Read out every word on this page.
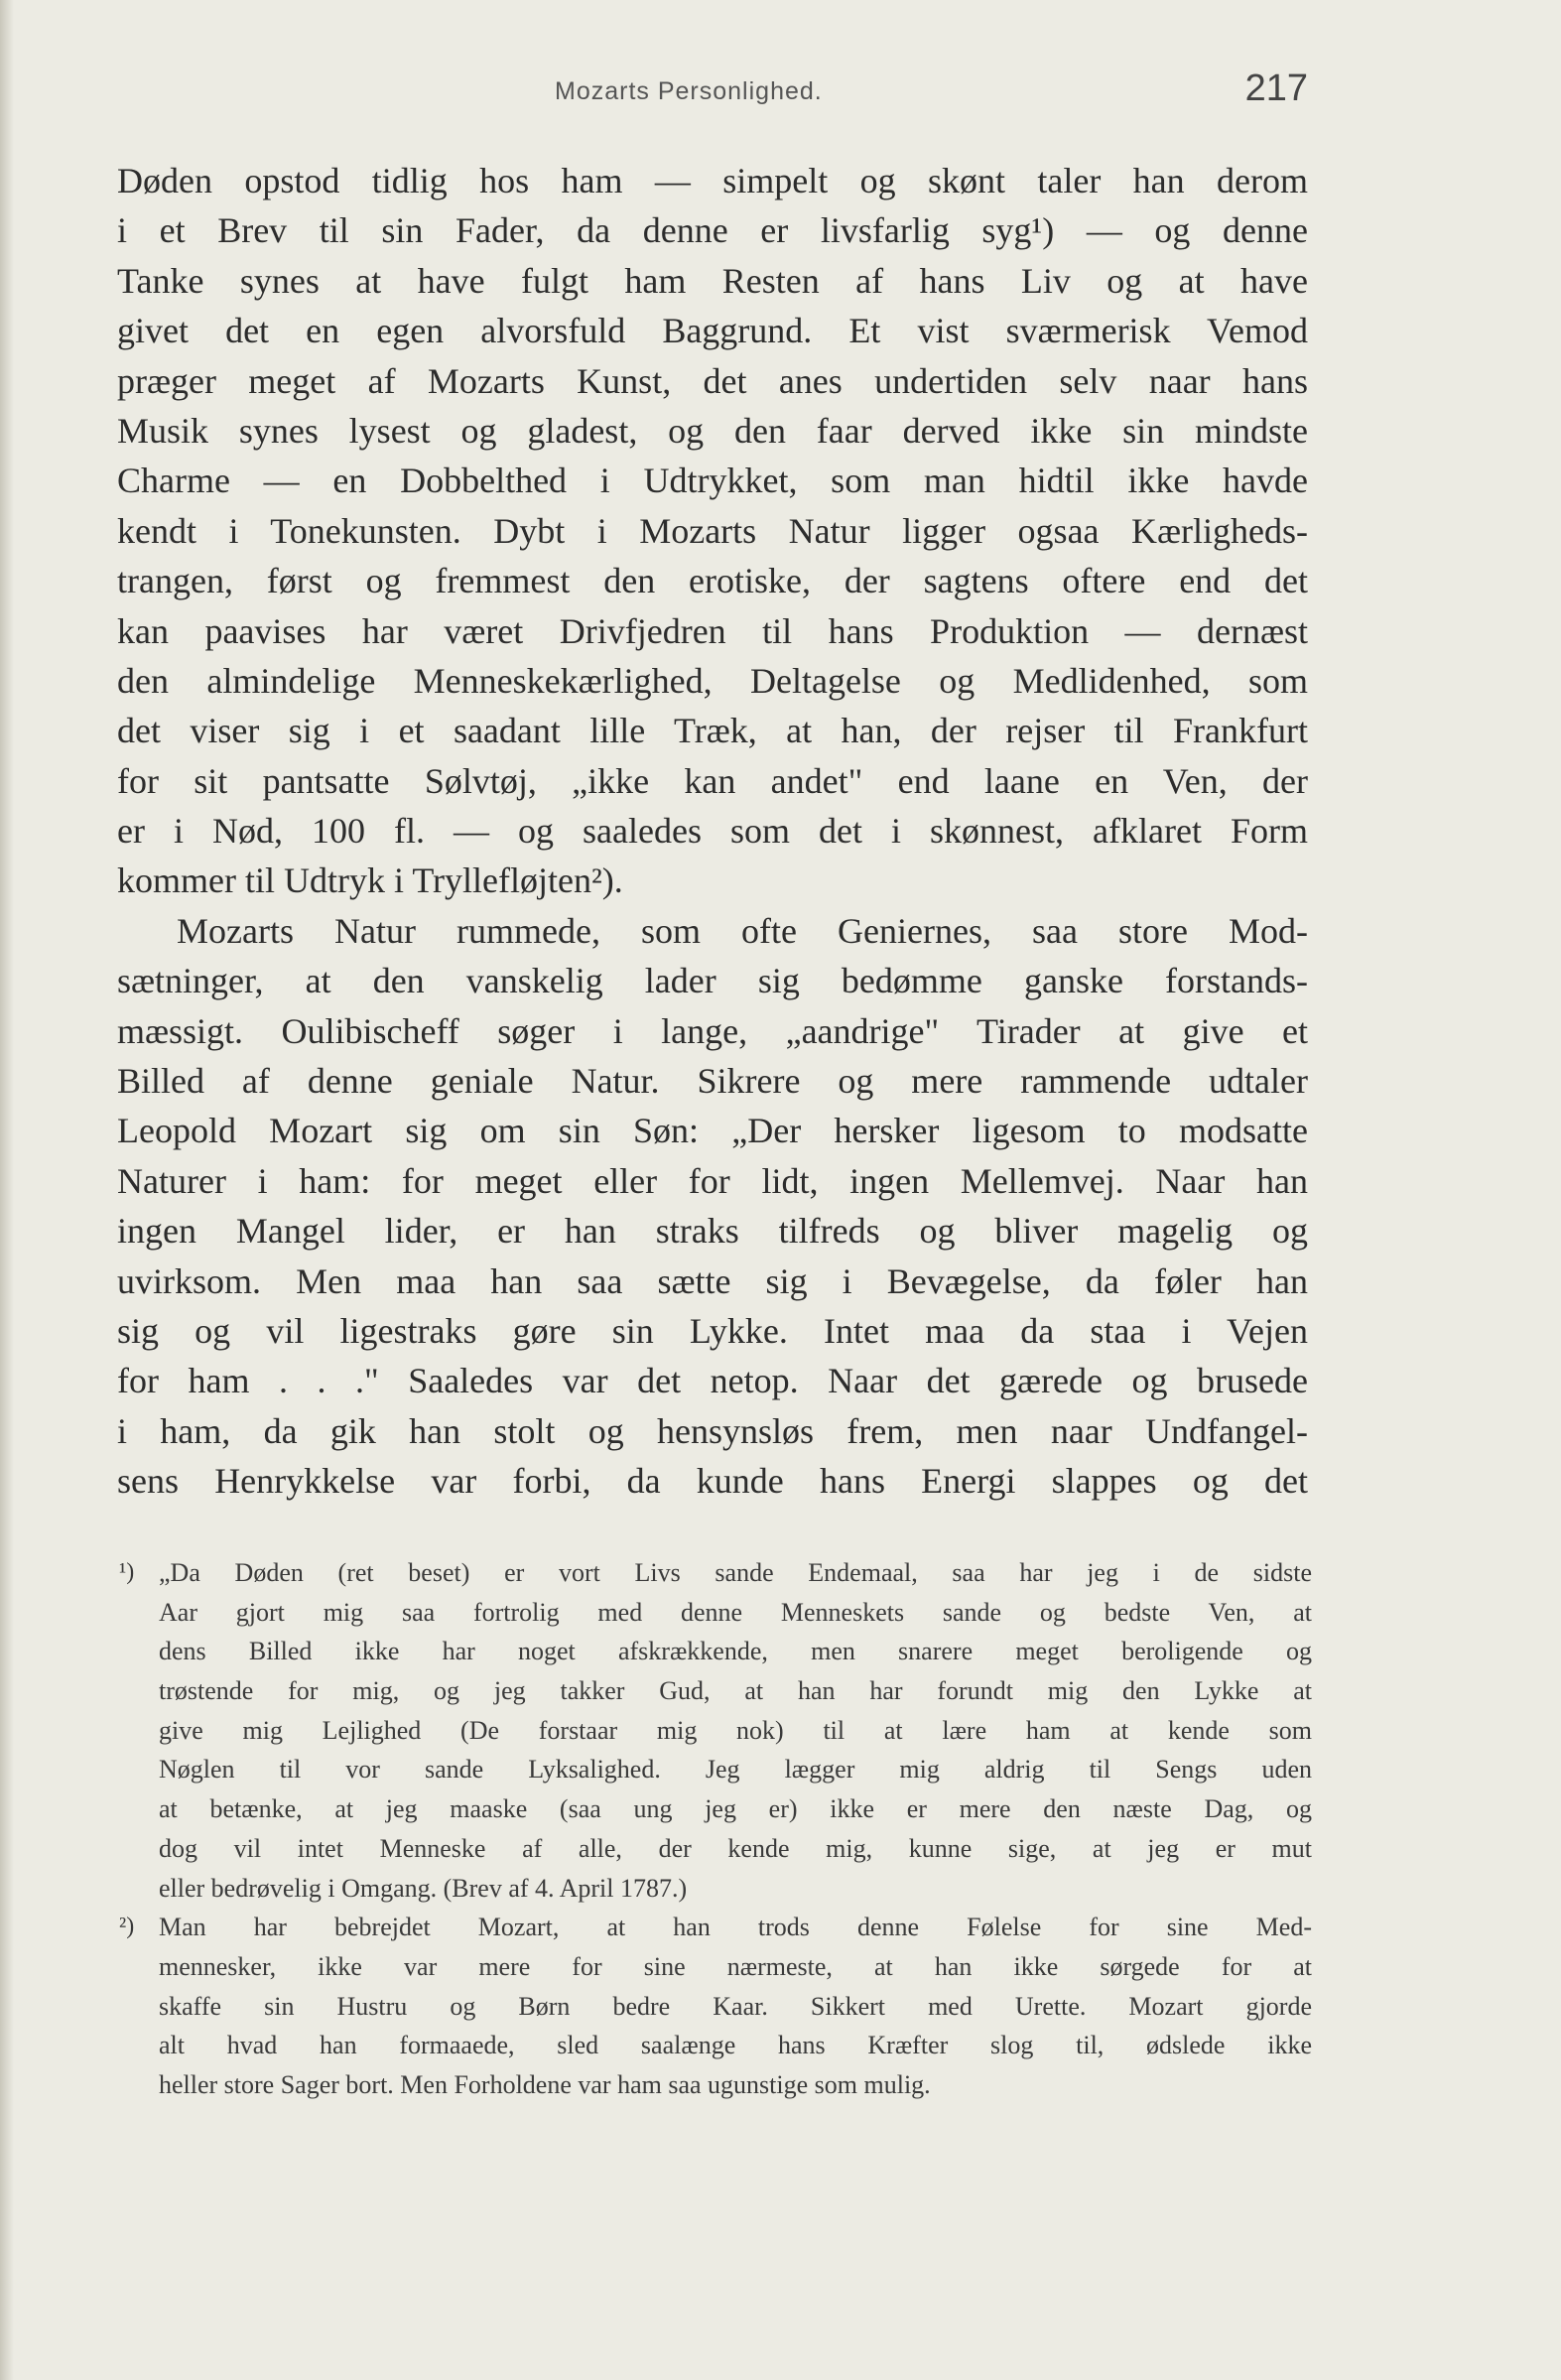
Mozarts Personlighed.	217
Døden opstod tidlig hos ham — simpelt og skønt taler han derom
i et Brev til sin Fader, da denne er livsfarlig syg¹) — og denne
Tanke synes at have fulgt ham Resten af hans Liv og at have
givet det en egen alvorsfuld Baggrund. Et vist sværmerisk Vemod
præger meget af Mozarts Kunst, det anes undertiden selv naar hans
Musik synes lysest og gladest, og den faar derved ikke sin mindste
Charme — en Dobbelthed i Udtrykket, som man hidtil ikke havde
kendt i Tonekunsten. Dybt i Mozarts Natur ligger ogsaa Kærligheds-
trangen, først og fremmest den erotiske, der sagtens oftere end det
kan paavises har været Drivfjedren til hans Produktion — dernæst
den almindelige Menneskekærlighed, Deltagelse og Medlidenhed, som
det viser sig i et saadant lille Træk, at han, der rejser til Frankfurt
for sit pantsatte Sølvtøj, „ikke kan andet" end laane en Ven, der
er i Nød, 100 fl. — og saaledes som det i skønnest, afklaret Form
kommer til Udtryk i Tryllefløjten²).
Mozarts Natur rummede, som ofte Geniernes, saa store Mod-
sætninger, at den vanskelig lader sig bedømme ganske forstands-
mæssigt. Oulibischeff søger i lange, „aandrige" Tirader at give et
Billed af denne geniale Natur. Sikrere og mere rammende udtaler
Leopold Mozart sig om sin Søn: „Der hersker ligesom to modsatte
Naturer i ham: for meget eller for lidt, ingen Mellemvej. Naar han
ingen Mangel lider, er han straks tilfreds og bliver magelig og
uvirksom. Men maa han saa sætte sig i Bevægelse, da føler han
sig og vil ligestraks gøre sin Lykke. Intet maa da staa i Vejen
for ham . . ." Saaledes var det netop. Naar det gærede og brusede
i ham, da gik han stolt og hensynsløs frem, men naar Undfangel-
sens Henrykkelse var forbi, da kunde hans Energi slappes og det
¹) „Da Døden (ret beset) er vort Livs sande Endemaal, saa har jeg i de sidste
Aar gjort mig saa fortrolig med denne Menneskets sande og bedste Ven, at
dens Billed ikke har noget afskrækkende, men snarere meget beroligende og
trøstende for mig, og jeg takker Gud, at han har forundt mig den Lykke at
give mig Lejlighed (De forstaar mig nok) til at lære ham at kende som
Nøglen til vor sande Lyksalighed. Jeg lægger mig aldrig til Sengs uden
at betænke, at jeg maaske (saa ung jeg er) ikke er mere den næste Dag, og
dog vil intet Menneske af alle, der kende mig, kunne sige, at jeg er mut
eller bedrøvelig i Omgang. (Brev af 4. April 1787.)
²) Man har bebrejdet Mozart, at han trods denne Følelse for sine Med-
mennesker, ikke var mere for sine nærmeste, at han ikke sørgede for at
skaffe sin Hustru og Børn bedre Kaar. Sikkert med Urette. Mozart gjorde
alt hvad han formaaede, sled saalænge hans Kræfter slog til, ødslede ikke
heller store Sager bort. Men Forholdene var ham saa ugunstige som mulig.
